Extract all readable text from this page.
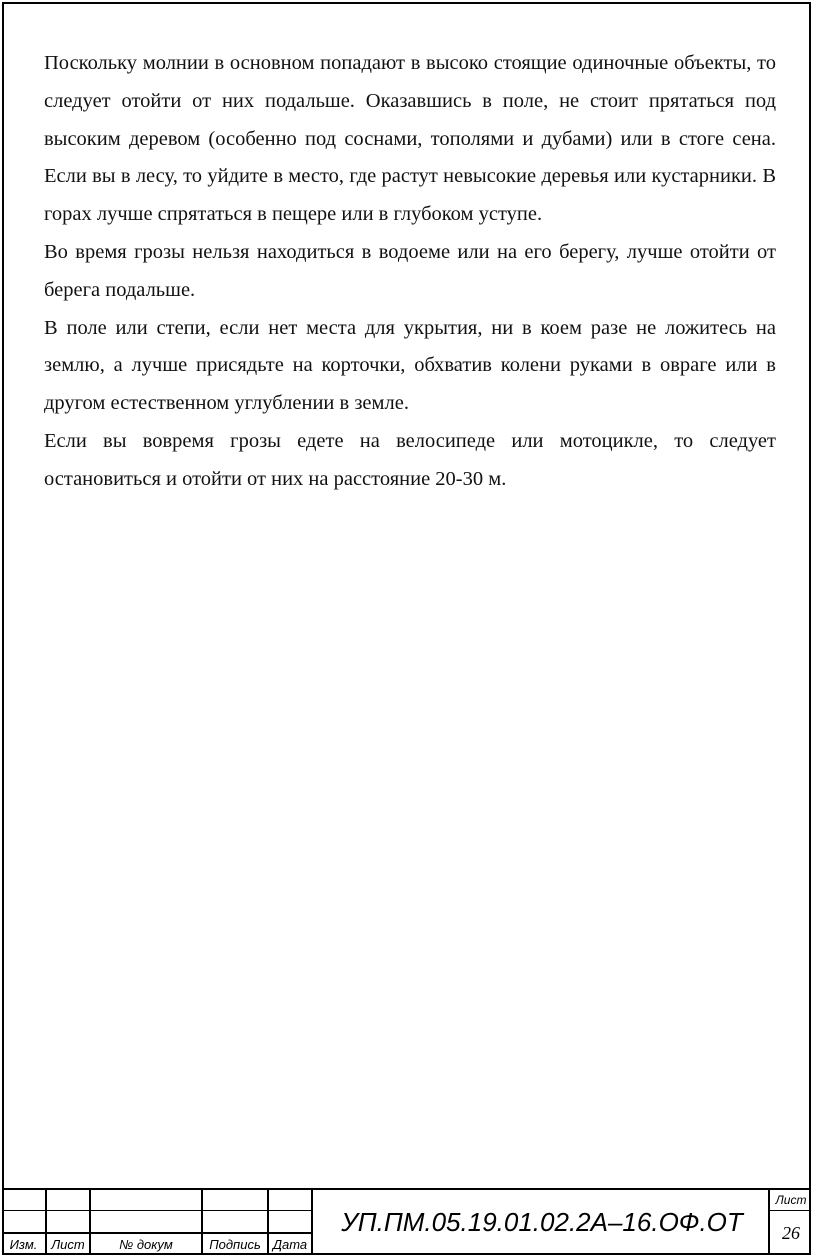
Поскольку молнии в основном попадают в высоко стоящие одиночные объекты, то следует отойти от них подальше. Оказавшись в поле, не стоит прятаться под высоким деревом (особенно под соснами, тополями и дубами) или в стоге сена. Если вы в лесу, то уйдите в место, где растут невысокие деревья или кустарники. В горах лучше спрятаться в пещере или в глубоком уступе.

Во время грозы нельзя находиться в водоеме или на его берегу, лучше отойти от берега подальше.

В поле или степи, если нет места для укрытия, ни в коем разе не ложитесь на землю, а лучше присядьте на корточки, обхватив колени руками в овраге или в другом естественном углублении в земле.

Если вы вовремя грозы едете на велосипеде или мотоцикле, то следует остановиться и отойти от них на расстояние 20-30 м.

Изм.	Лист	№ докум	Подпись Дата
УП.ПМ.05.19.01.02.2А–16.ОФ.ОТ
Лист
26
